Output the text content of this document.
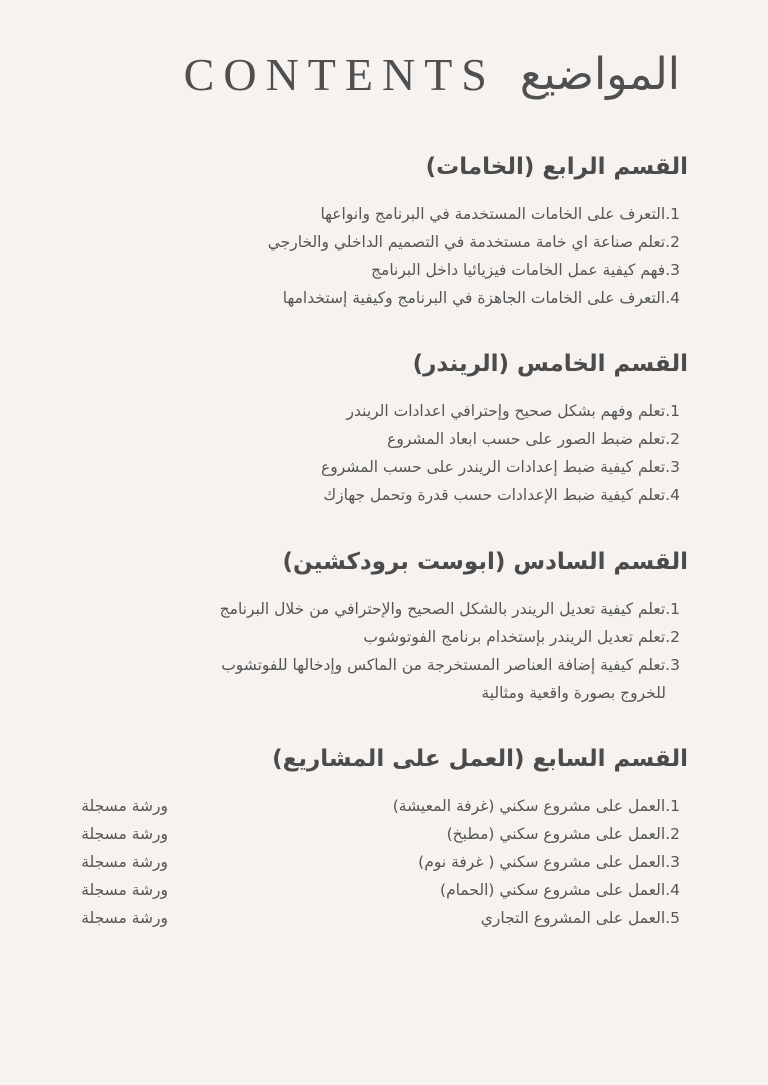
المواضيع
CONTENTS
القسم الرابع (الخامات)
1.التعرف على الخامات المستخدمة في البرنامج وانواعها
2.تعلم صناعة اي خامة مستخدمة في التصميم الداخلي والخارجي
3.فهم كيفية عمل الخامات فيزيائيا داخل البرنامج
4.التعرف على الخامات الجاهزة في البرنامج وكيفية إستخدامها
القسم الخامس (الريندر)
1.تعلم وفهم بشكل صحيح وإحترافي اعدادات الريندر
2.تعلم ضبط الصور على حسب ابعاد المشروع
3.تعلم كيفية ضبط إعدادات الريندر على حسب المشروع
4.تعلم كيفية ضبط الإعدادات حسب قدرة وتحمل جهازك
القسم السادس (ابوست برودكشين)
1.تعلم كيفية تعديل الريندر بالشكل الصحيح والإحترافي من خلال البرنامج
2.تعلم تعديل الريندر بإستخدام برنامج الفوتوشوب
3.تعلم كيفية إضافة العناصر المستخرجة من الماكس وإدخالها للفوتشوب
للخروج بصورة واقعية ومثالية
القسم السابع (العمل على المشاريع)
1.العمل على مشروع سكني (غرفة المعيشة)
ورشة مسجلة
2.العمل على مشروع سكني (مطبخ)
ورشة مسجلة
3.العمل على مشروع سكني ( غرفة نوم)
ورشة مسجلة
4.العمل على مشروع سكني (الحمام)
ورشة مسجلة
5.العمل على المشروع التجاري
ورشة مسجلة
